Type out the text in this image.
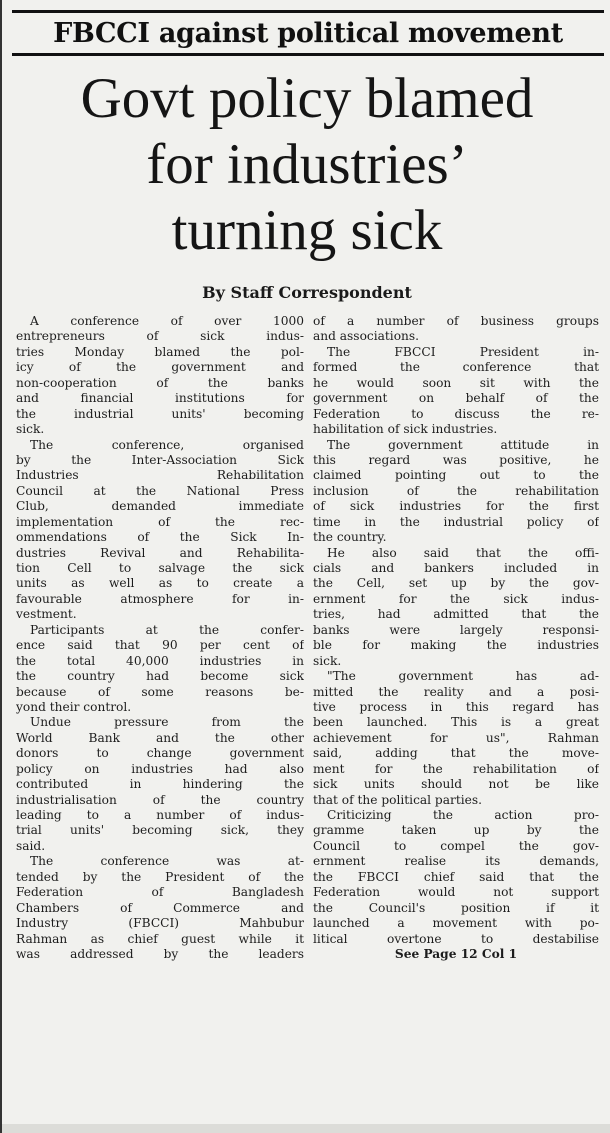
FBCCI against political movement
Govt policy blamed
for industries’
turning sick
By Staff Correspondent
A conference of over 1000
entrepreneurs of sick indus-
tries Monday blamed the pol-
icy of the government and
non-cooperation of the banks
and financial institutions for
the industrial units' becoming
sick.
The conference, organised
by the Inter-Association Sick
Industries Rehabilitation
Council at the National Press
Club, demanded immediate
implementation of the rec-
ommendations of the Sick In-
dustries Revival and Rehabilita-
tion Cell to salvage the sick
units as well as to create a
favourable atmosphere for in-
vestment.
Participants at the confer-
ence said that 90 per cent of
the total 40,000 industries in
the country had become sick
because of some reasons be-
yond their control.
Undue pressure from the
World Bank and the other
donors to change government
policy on industries had also
contributed in hindering the
industrialisation of the country
leading to a number of indus-
trial units' becoming sick, they
said.
The conference was at-
tended by the President of the
Federation of Bangladesh
Chambers of Commerce and
Industry (FBCCI) Mahbubur
Rahman as chief guest while it
was addressed by the leaders
of a number of business groups
and associations.
The FBCCI President in-
formed the conference that
he would soon sit with the
government on behalf of the
Federation to discuss the re-
habilitation of sick industries.
The government attitude in
this regard was positive, he
claimed pointing out to the
inclusion of the rehabilitation
of sick industries for the first
time in the industrial policy of
the country.
He also said that the offi-
cials and bankers included in
the Cell, set up by the gov-
ernment for the sick indus-
tries, had admitted that the
banks were largely responsi-
ble for making the industries
sick.
"The government has ad-
mitted the reality and a posi-
tive process in this regard has
been launched. This is a great
achievement for us", Rahman
said, adding that the move-
ment for the rehabilitation of
sick units should not be like
that of the political parties.
Criticizing the action pro-
gramme taken up by the
Council to compel the gov-
ernment realise its demands,
the FBCCI chief said that the
Federation would not support
the Council's position if it
launched a movement with po-
litical overtone to destabilise
See Page 12 Col 1
